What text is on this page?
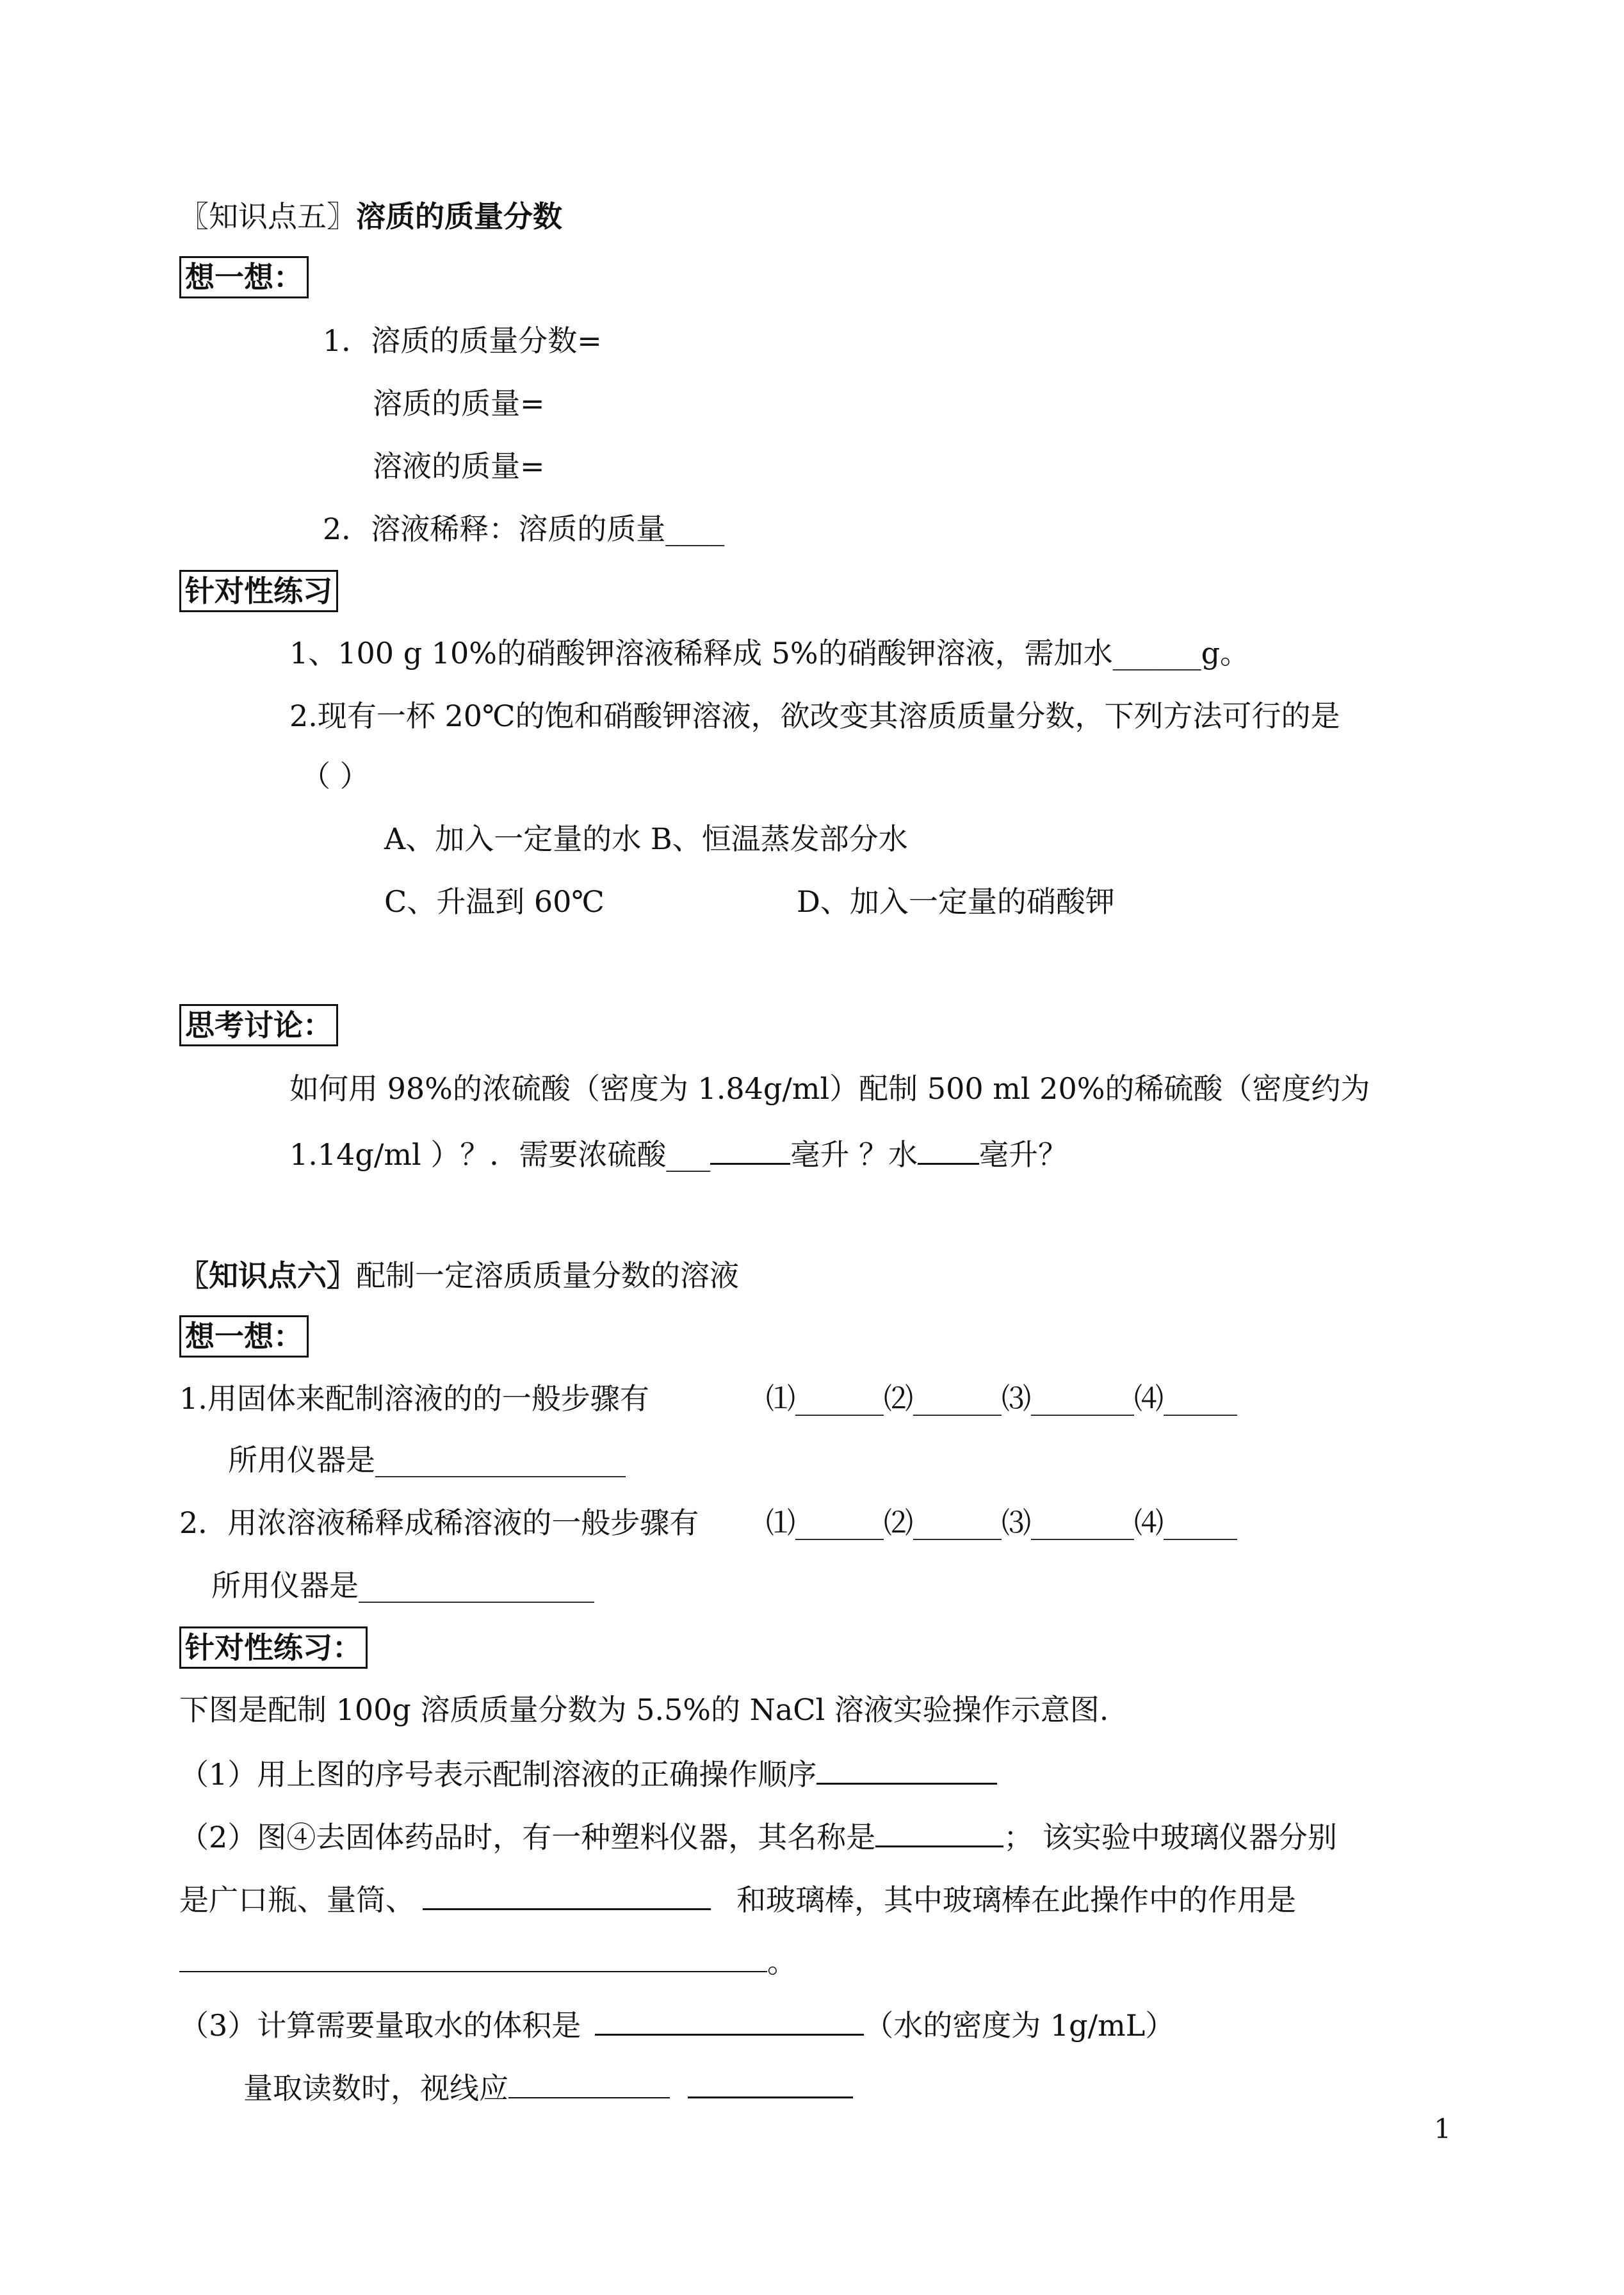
〖知识点五〗溶质的质量分数
想一想：
1．溶质的质量分数=
溶质的质量=
溶液的质量=
2．溶液稀释：溶质的质量____
针对性练习
1、100 g 10%的硝酸钾溶液稀释成 5%的硝酸钾溶液，需加水______g。
2.现有一杯 20℃的饱和硝酸钾溶液，欲改变其溶质质量分数，下列方法可行的是
（ ）
A、加入一定量的水 B、恒温蒸发部分水
C、升温到 60℃	D、加入一定量的硝酸钾
思考讨论：
如何用 98%的浓硫酸（密度为 1.84g/ml）配制 500 ml 20%的稀硫酸（密度约为
1.14g/ml ）？．需要浓硫酸___	毫升 ？水 毫升？
〖知识点六〗配制一定溶质质量分数的溶液
想一想：
1.用固体来配制溶液的的一般步骤有	⑴______⑵______⑶_______⑷_____
所用仪器是_________________
2．用浓溶液稀释成稀溶液的一般步骤有 ⑴______⑵______⑶_______⑷_____
所用仪器是________________
针对性练习：
下图是配制 100g 溶质质量分数为 5.5%的 NaCl 溶液实验操作示意图.
（1）用上图的序号表示配制溶液的正确操作顺序
（2）图④去固体药品时，有一种塑料仪器，其名称是	； 该实验中玻璃仪器分别
是广口瓶、量筒、	和玻璃棒，其中玻璃棒在此操作中的作用是
。
（3）计算需要量取水的体积是	（水的密度为 1g/mL）
量取读数时，视线应
1
